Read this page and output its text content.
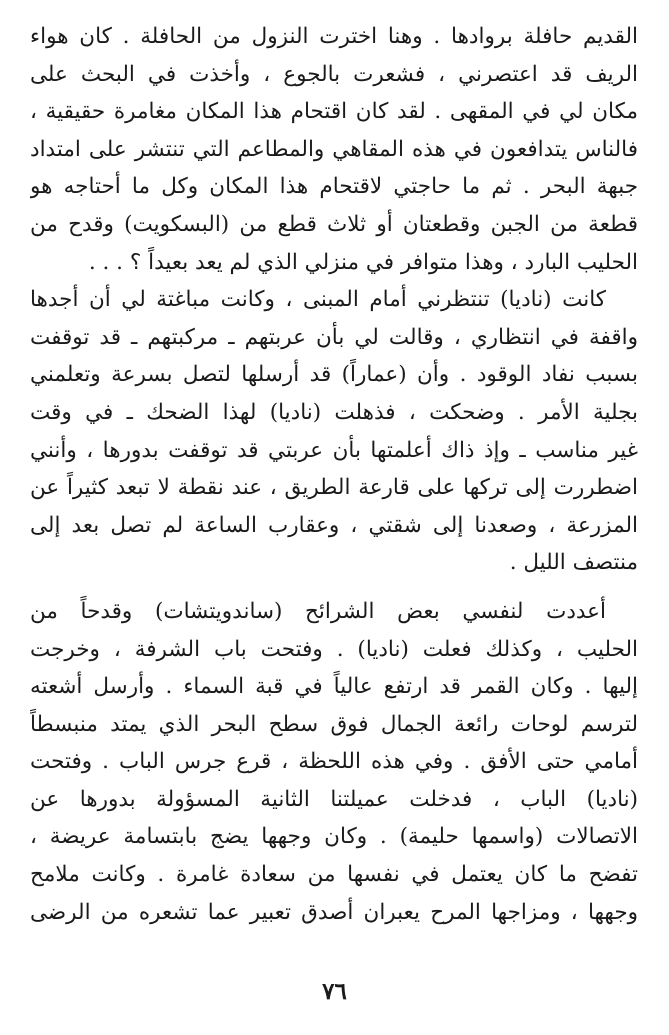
القديم حافلة بروادها . وهنا اخترت النزول من الحافلة . كان هواء
الريف قد اعتصرني ، فشعرت بالجوع ، وأخذت في البحث على
مكان لي في المقهى . لقد كان اقتحام هذا المكان مغامرة حقيقية ،
فالناس يتدافعون في هذه المقاهي والمطاعم التي تنتشر على امتداد
جبهة البحر . ثم ما حاجتي لاقتحام هذا المكان وكل ما أحتاجه هو
قطعة من الجبن وقطعتان أو ثلاث قطع من (البسكويت) وقدح من
الحليب البارد ، وهذا متوافر في منزلي الذي لم يعد بعيداً ؟ . . .
كانت (ناديا) تنتظرني أمام المبنى ، وكانت مباغتة لي أن أجدها
واقفة في انتظاري ، وقالت لي بأن عربتهم ـ مركبتهم ـ قد توقفت
بسبب نفاد الوقود . وأن (عماراً) قد أرسلها لتصل بسرعة وتعلمني
بجلية الأمر . وضحكت ، فذهلت (ناديا) لهذا الضحك ـ في وقت
غير مناسب ـ وإذ ذاك أعلمتها بأن عربتي قد توقفت بدورها ، وأنني
اضطررت إلى تركها على قارعة الطريق ، عند نقطة لا تبعد كثيراً عن
المزرعة ، وصعدنا إلى شقتي ، وعقارب الساعة لم تصل بعد إلى
منتصف الليل .
أعددت لنفسي بعض الشرائح (ساندويتشات) وقدحاً من
الحليب ، وكذلك فعلت (ناديا) . وفتحت باب الشرفة ، وخرجت
إليها . وكان القمر قد ارتفع عالياً في قبة السماء . وأرسل أشعته
لترسم لوحات رائعة الجمال فوق سطح البحر الذي يمتد منبسطاً
أمامي حتى الأفق . وفي هذه اللحظة ، قرع جرس الباب . وفتحت
(ناديا) الباب ، فدخلت عميلتنا الثانية المسؤولة بدورها عن
الاتصالات (واسمها حليمة) . وكان وجهها يضج بابتسامة عريضة ،
تفضح ما كان يعتمل في نفسها من سعادة غامرة . وكانت ملامح
وجهها ، ومزاجها المرح يعبران أصدق تعبير عما تشعره من الرضى
٧٦
